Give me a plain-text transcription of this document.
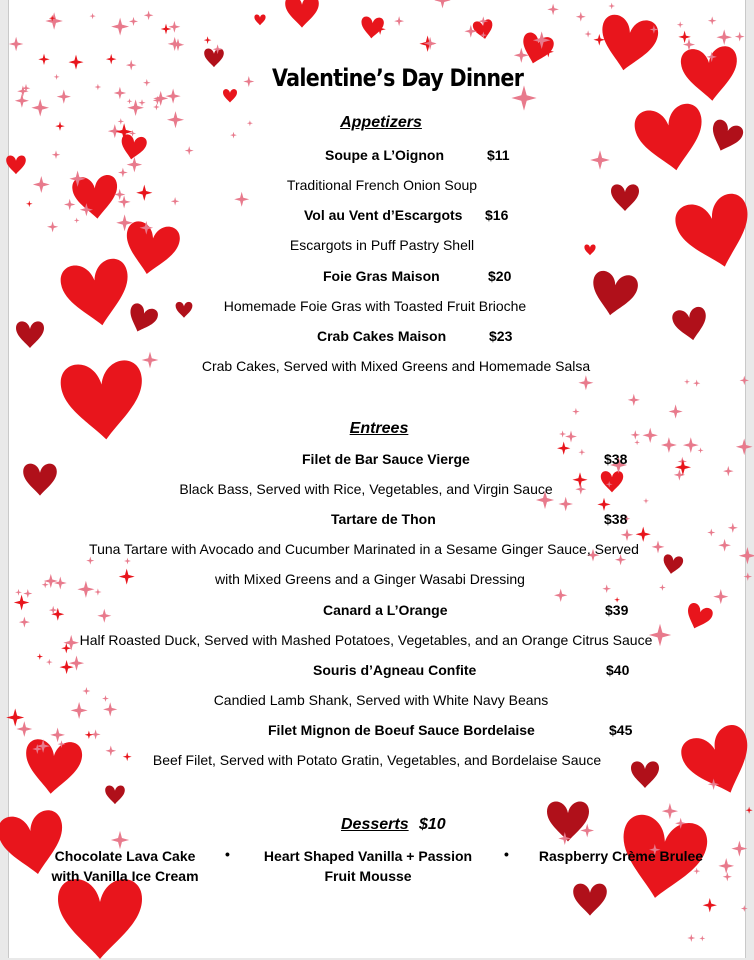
Valentine’s Day Dinner
Appetizers
Soupe a L’Oignon	$11
Traditional French Onion Soup
Vol au Vent d’Escargots $16
Escargots in Puff Pastry Shell
Foie Gras Maison	$20
Homemade Foie Gras with Toasted Fruit Brioche
Crab Cakes Maison	$23
Crab Cakes, Served with Mixed Greens and Homemade Salsa
Entrees
Filet de Bar Sauce Vierge	$38
Black Bass, Served with Rice, Vegetables, and Virgin Sauce
Tartare de Thon	$38
Tuna Tartare with Avocado and Cucumber Marinated in a Sesame Ginger Sauce, Served
with Mixed Greens and a Ginger Wasabi Dressing
Canard a L’Orange	$39
Half Roasted Duck, Served with Mashed Potatoes, Vegetables, and an Orange Citrus Sauce
Souris d’Agneau Confite	$40
Candied Lamb Shank, Served with White Navy Beans
Filet Mignon de Boeuf Sauce Bordelaise	$45
Beef Filet, Served with Potato Gratin, Vegetables, and Bordelaise Sauce
Desserts $10
Chocolate Lava Cake
with Vanilla Ice Cream
•	Heart Shaped Vanilla + Passion
Fruit Mousse
• Raspberry Crème Brulee
